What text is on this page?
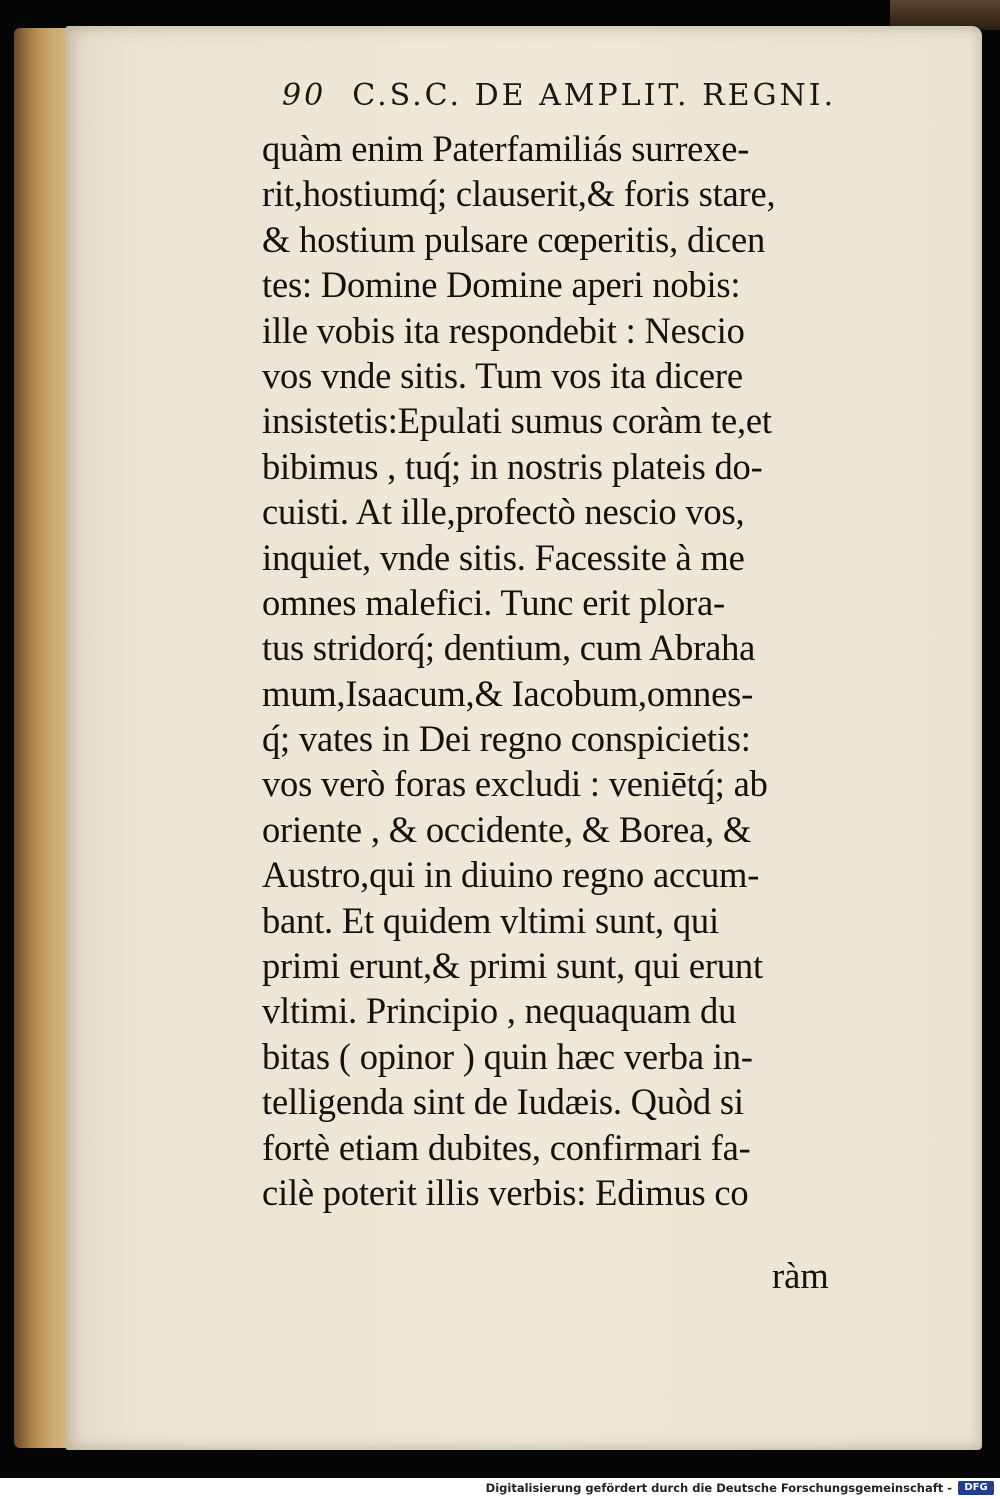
90 C.S.C. DE AMPLIT. REGNI.
quàm enim Paterfamiliás surrexe-
rit,hostiumq́; clauserit,& foris stare,
& hostium pulsare cœperitis, dicen
tes: Domine Domine aperi nobis:
ille vobis ita respondebit : Nescio
vos vnde sitis. Tum vos ita dicere
insistetis:Epulati sumus coràm te,et
bibimus , tuq́; in nostris plateis do-
cuisti. At ille,profectò nescio vos,
inquiet, vnde sitis. Facessite à me
omnes malefici. Tunc erit plora-
tus stridorq́; dentium, cum Abraha
mum,Isaacum,& Iacobum,omnes-
q́; vates in Dei regno conspicietis:
vos verò foras excludi : veniētq́; ab
oriente , & occidente, & Borea, &
Austro,qui in diuino regno accum-
bant. Et quidem vltimi sunt, qui
primi erunt,& primi sunt, qui erunt
vltimi. Principio , nequaquam du
bitas ( opinor ) quin hæc verba in-
telligenda sint de Iudæis. Quòd si
fortè etiam dubites, confirmari fa-
cilè poterit illis verbis: Edimus co
ràm
Digitalisierung gefördert durch die Deutsche Forschungsgemeinschaft -	DFG
